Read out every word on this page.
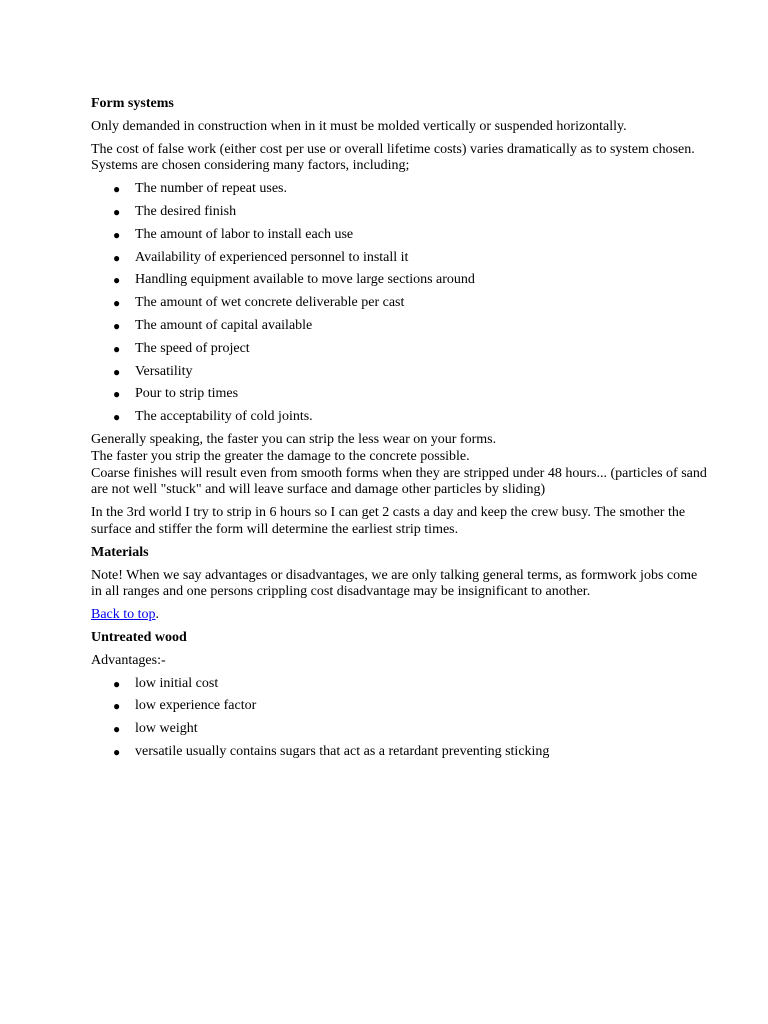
Form systems

Only demanded in construction when in it must be molded vertically or suspended horizontally.

The cost of false work (either cost per use or overall lifetime costs) varies dramatically as to system chosen. Systems are chosen considering many factors, including;

● The number of repeat uses.
● The desired finish
● The amount of labor to install each use
● Availability of experienced personnel to install it
● Handling equipment available to move large sections around
● The amount of wet concrete deliverable per cast
● The amount of capital available
● The speed of project
● Versatility
● Pour to strip times
● The acceptability of cold joints.
Generally speaking, the faster you can strip the less wear on your forms.
The faster you strip the greater the damage to the concrete possible.

Coarse finishes will result even from smooth forms when they are stripped under 48 hours... (particles of sand are not well "stuck" and will leave surface and damage other particles by sliding)

In the 3rd world I try to strip in 6 hours so I can get 2 casts a day and keep the crew busy. The smother the surface and stiffer the form will determine the earliest strip times.

Materials

Note! When we say advantages or disadvantages, we are only talking general terms, as formwork jobs come in all ranges and one persons crippling cost disadvantage may be insignificant to another.

Back to top.

Untreated wood

Advantages:-

● low initial cost
● low experience factor
● low weight
● versatile usually contains sugars that act as a retardant preventing sticking
